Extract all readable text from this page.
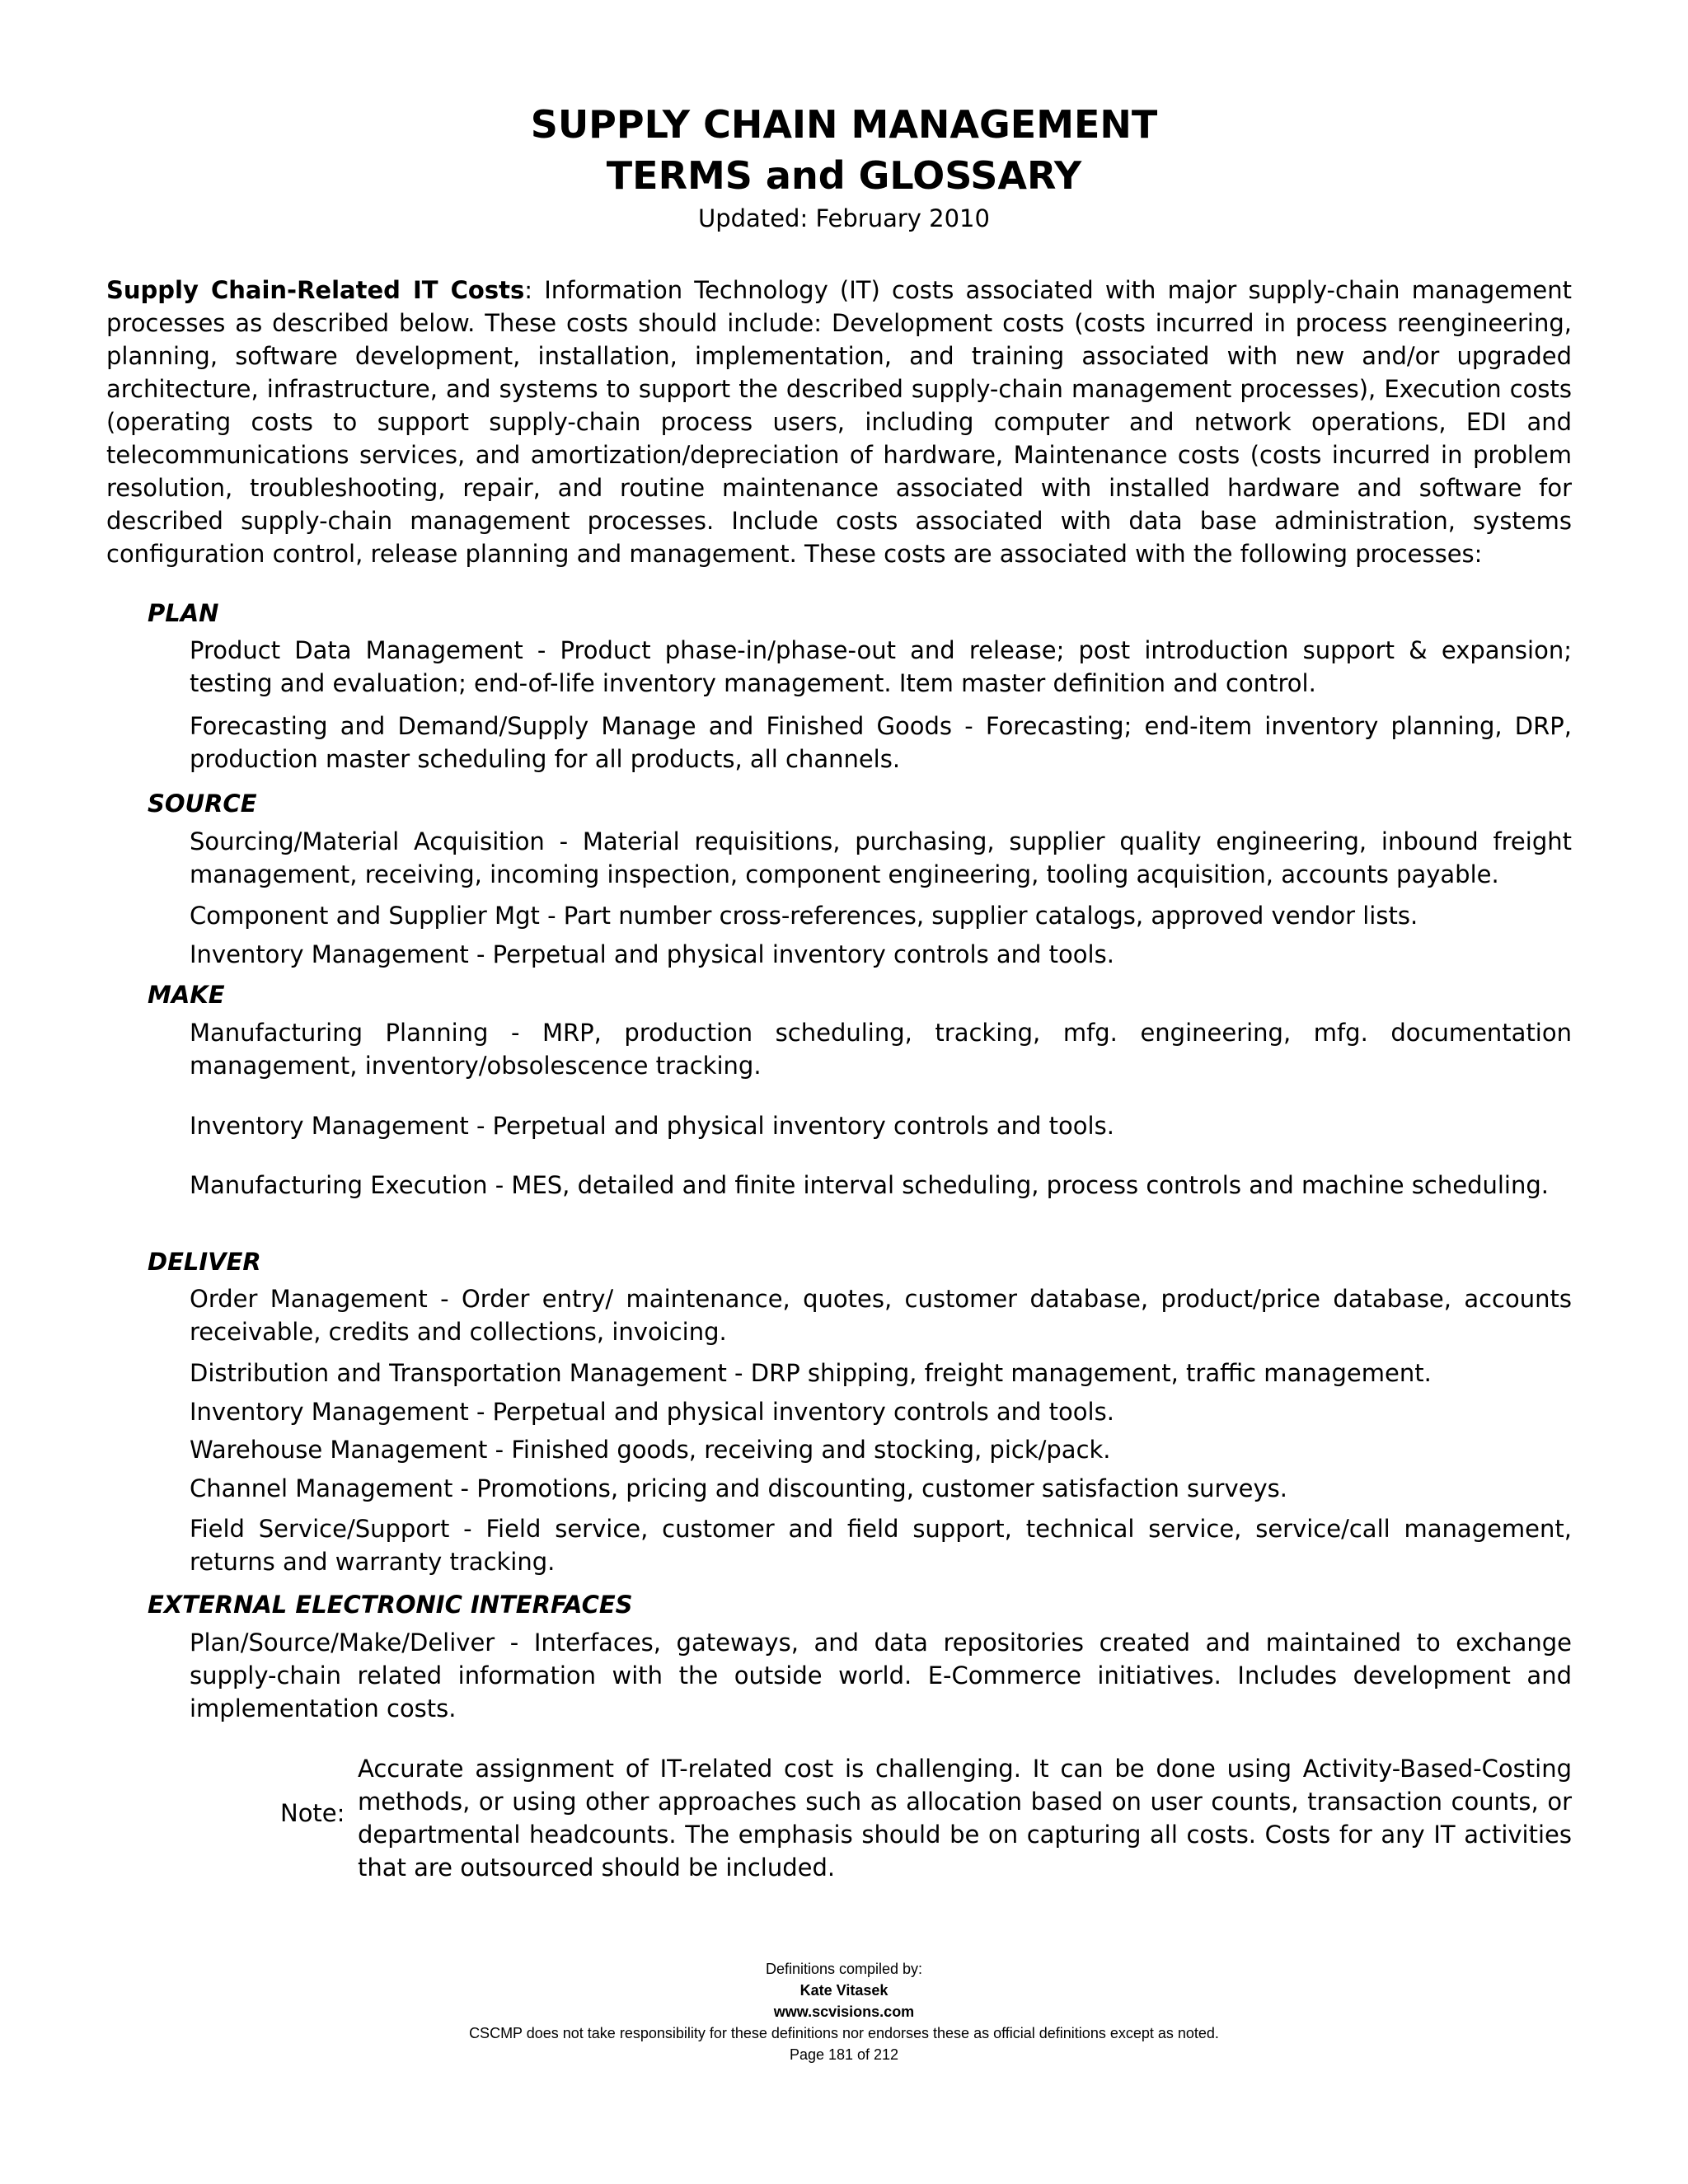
SUPPLY CHAIN MANAGEMENT
TERMS and GLOSSARY
Updated: February 2010
Supply Chain-Related IT Costs: Information Technology (IT) costs associated with major supply-chain management processes as described below. These costs should include: Development costs (costs incurred in process reengineering, planning, software development, installation, implementation, and training associated with new and/or upgraded architecture, infrastructure, and systems to support the described supply-chain management processes), Execution costs (operating costs to support supply-chain process users, including computer and network operations, EDI and telecommunications services, and amortization/depreciation of hardware, Maintenance costs (costs incurred in problem resolution, troubleshooting, repair, and routine maintenance associated with installed hardware and software for described supply-chain management processes. Include costs associated with data base administration, systems configuration control, release planning and management. These costs are associated with the following processes:
PLAN
Product Data Management - Product phase-in/phase-out and release; post introduction support & expansion; testing and evaluation; end-of-life inventory management. Item master definition and control.
Forecasting and Demand/Supply Manage and Finished Goods - Forecasting; end-item inventory planning, DRP, production master scheduling for all products, all channels.
SOURCE
Sourcing/Material Acquisition - Material requisitions, purchasing, supplier quality engineering, inbound freight management, receiving, incoming inspection, component engineering, tooling acquisition, accounts payable.
Component and Supplier Mgt - Part number cross-references, supplier catalogs, approved vendor lists.
Inventory Management - Perpetual and physical inventory controls and tools.
MAKE
Manufacturing Planning - MRP, production scheduling, tracking, mfg. engineering, mfg. documentation management, inventory/obsolescence tracking.
Inventory Management - Perpetual and physical inventory controls and tools.
Manufacturing Execution - MES, detailed and finite interval scheduling, process controls and machine scheduling.
DELIVER
Order Management - Order entry/ maintenance, quotes, customer database, product/price database, accounts receivable, credits and collections, invoicing.
Distribution and Transportation Management - DRP shipping, freight management, traffic management.
Inventory Management - Perpetual and physical inventory controls and tools.
Warehouse Management - Finished goods, receiving and stocking, pick/pack.
Channel Management - Promotions, pricing and discounting, customer satisfaction surveys.
Field Service/Support - Field service, customer and field support, technical service, service/call management, returns and warranty tracking.
EXTERNAL ELECTRONIC INTERFACES
Plan/Source/Make/Deliver - Interfaces, gateways, and data repositories created and maintained to exchange supply-chain related information with the outside world. E-Commerce initiatives. Includes development and implementation costs.
Note:
Accurate assignment of IT-related cost is challenging. It can be done using Activity-Based-Costing methods, or using other approaches such as allocation based on user counts, transaction counts, or departmental headcounts. The emphasis should be on capturing all costs. Costs for any IT activities that are outsourced should be included.
Definitions compiled by:
Kate Vitasek
www.scvisions.com
CSCMP does not take responsibility for these definitions nor endorses these as official definitions except as noted.
Page 181 of 212
